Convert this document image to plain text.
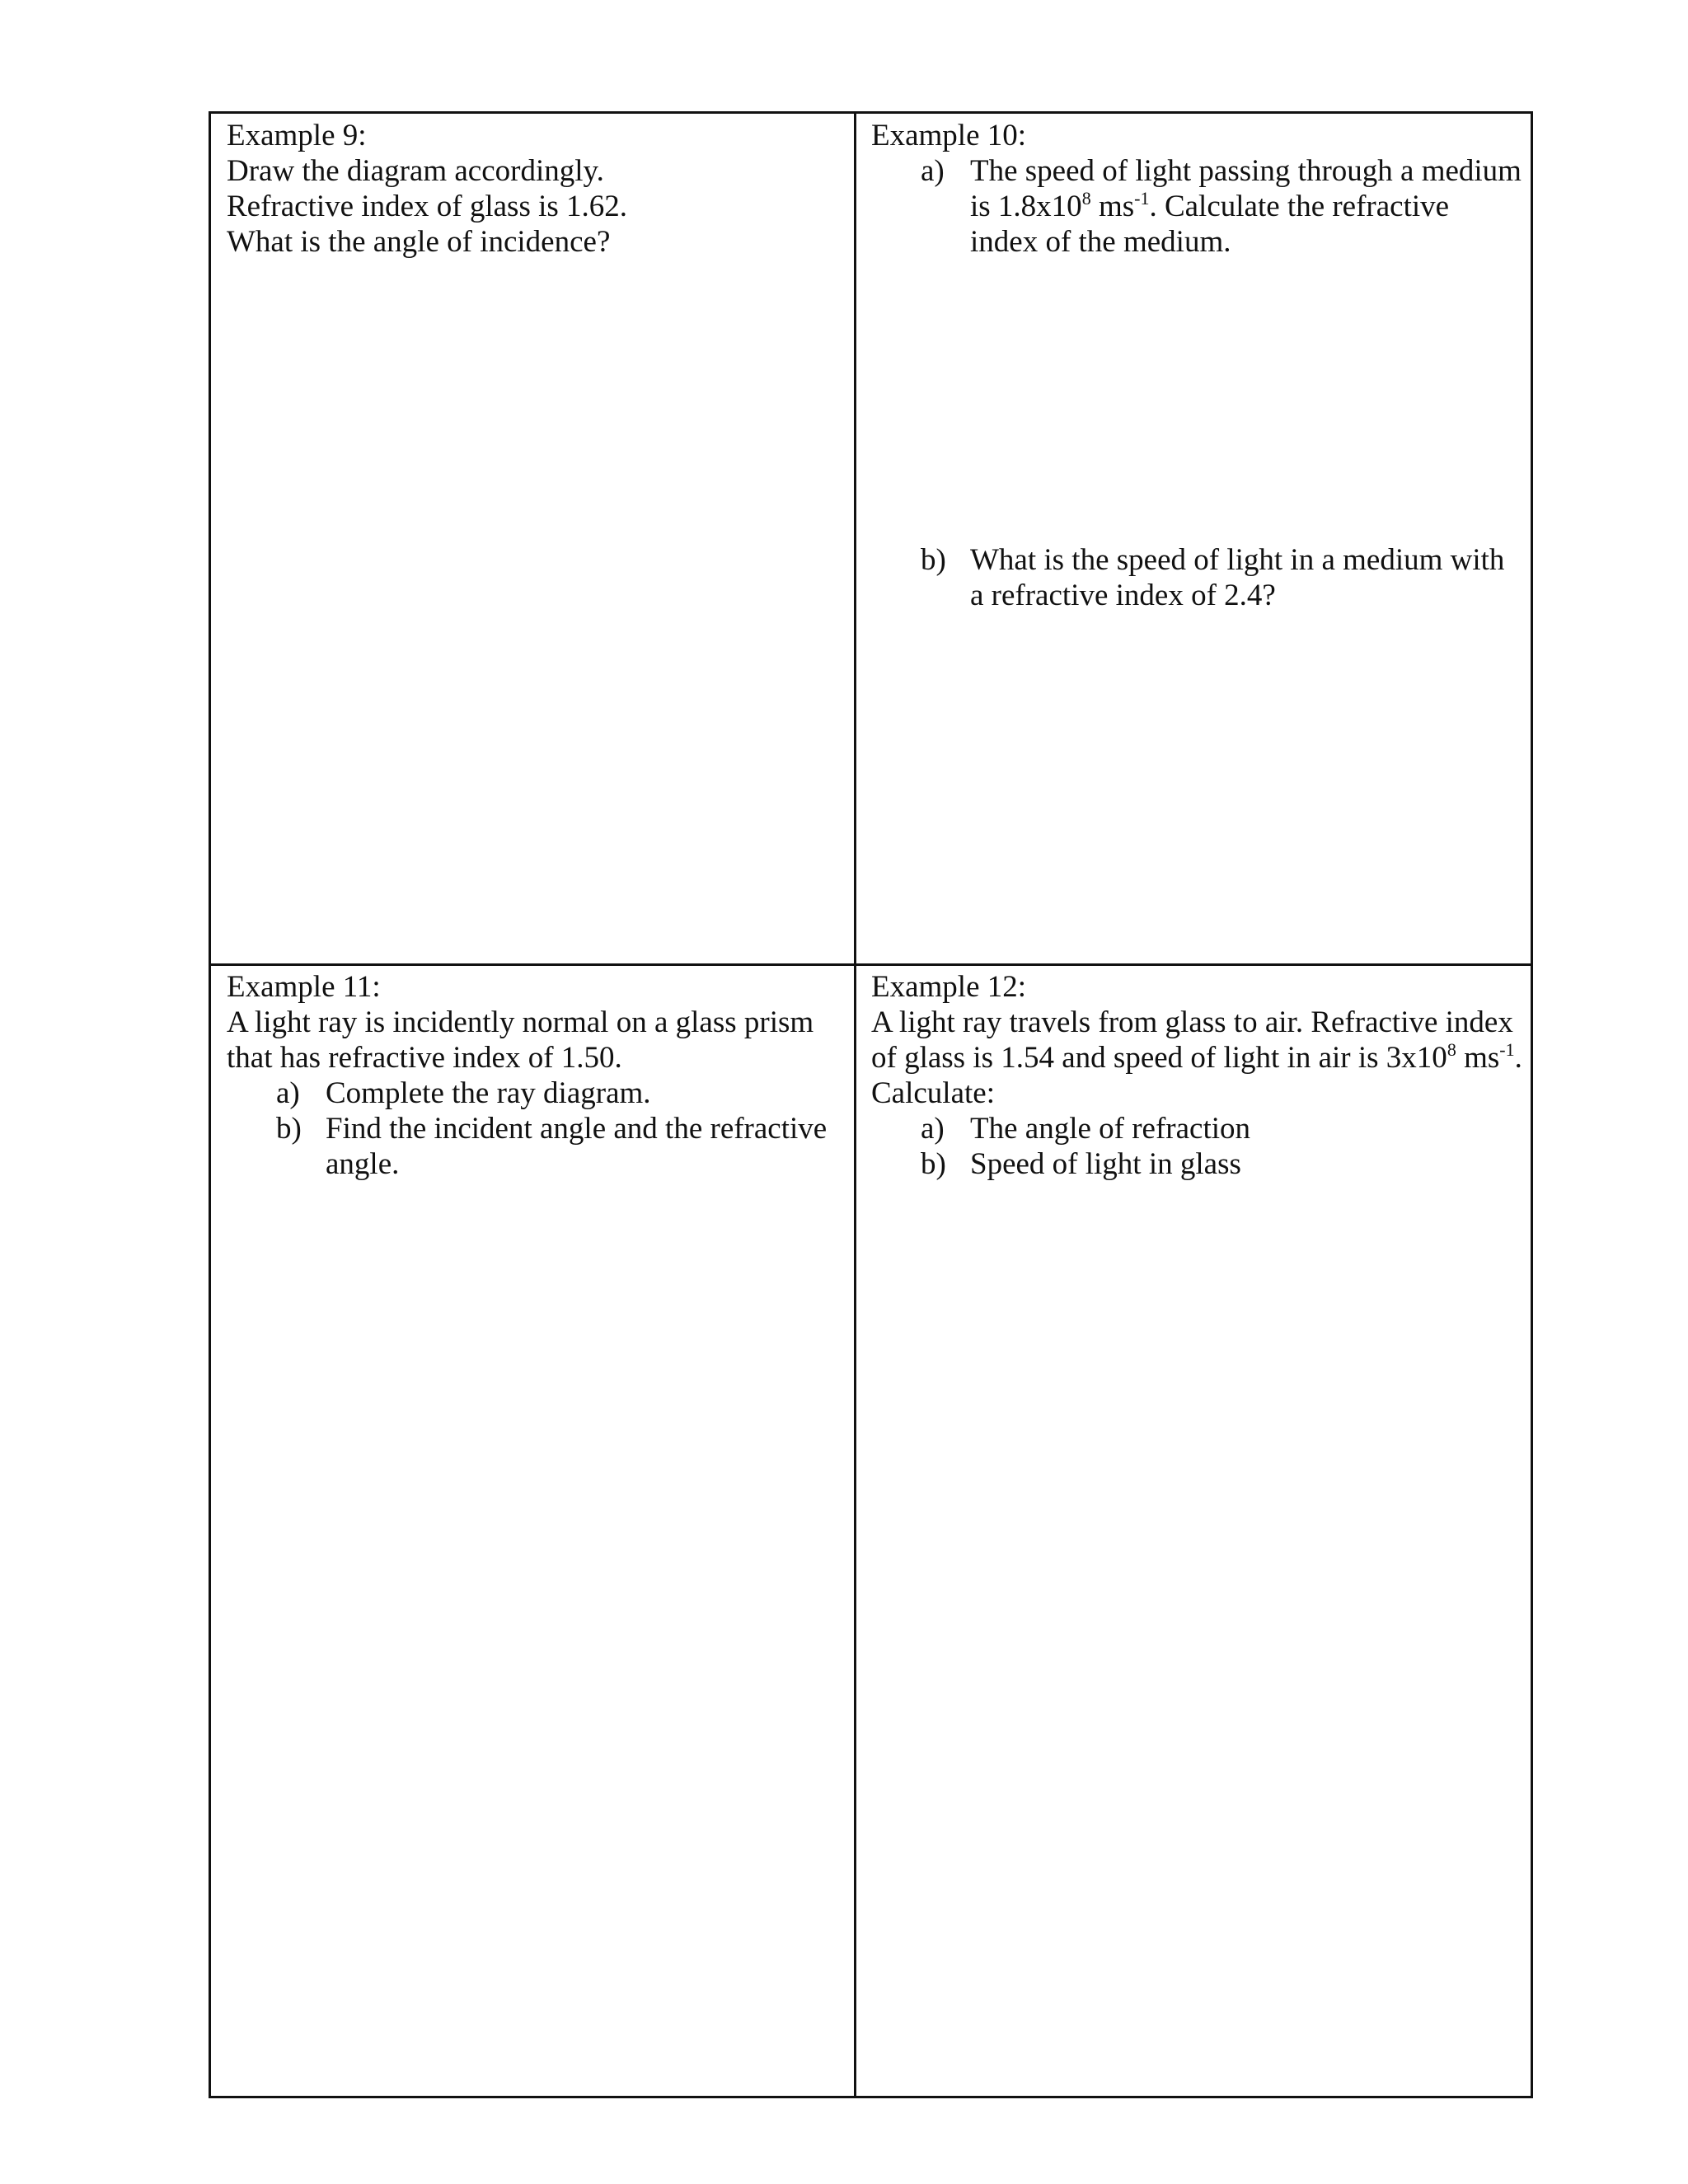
Example 9:

Draw the diagram accordingly.

Refractive index of glass is 1.62.

What is the angle of incidence?

Example 10:

a) The speed of light passing through a medium is $1.8x10^8$ $ms^{-1}$. Calculate the refractive index of the medium.
b) What is the speed of light in a medium with a refractive index of 2.4?

Example 11:

A light ray is incidently normal on a glass prism that has refractive index of 1.50.

a) Complete the ray diagram.
b) Find the incident angle and the refractive angle.

Example 12:

A light ray travels from glass to air. Refractive index of glass is 1.54 and speed of light in air is $3x10^8$ $ms^{-1}$.

Calculate:

a) The angle of refraction
b) Speed of light in glass
